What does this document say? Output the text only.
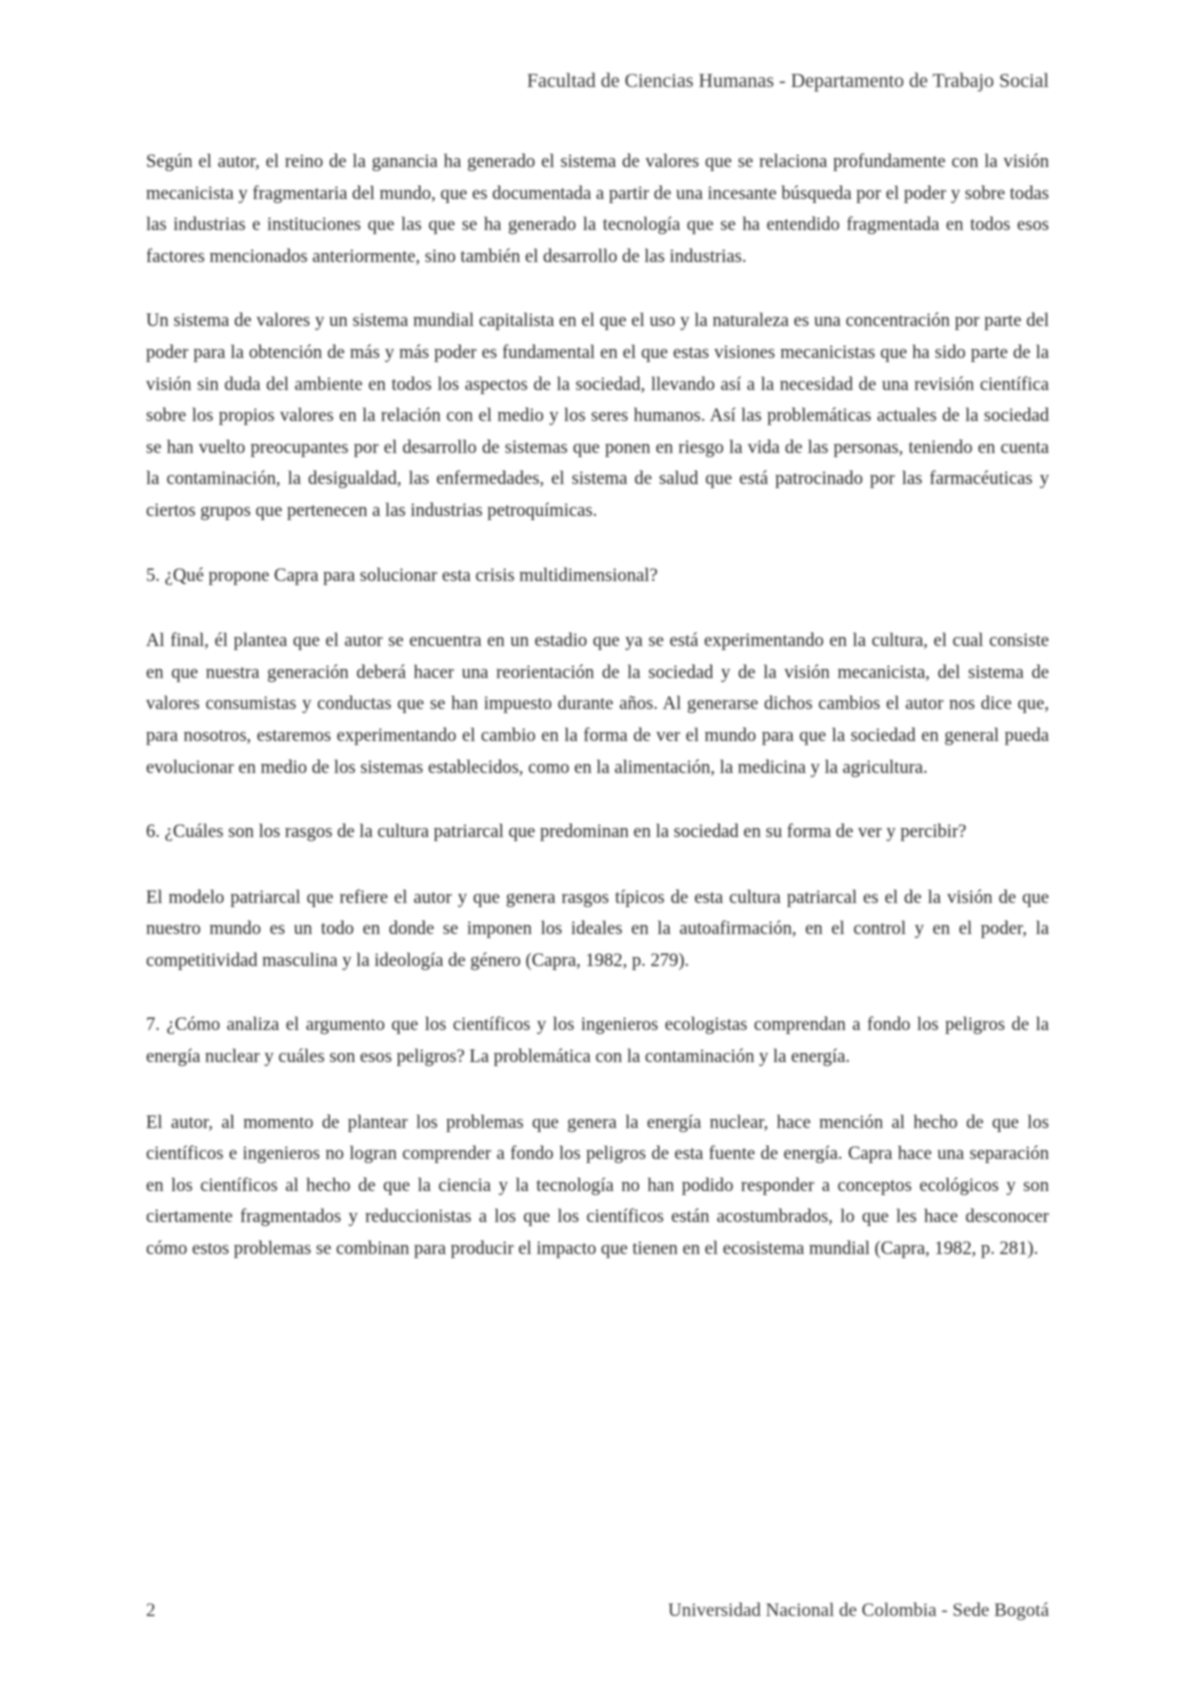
Facultad de Ciencias Humanas - Departamento de Trabajo Social

Según el autor, el reino de la ganancia ha generado el sistema de valores que se relaciona profundamente con la visión mecanicista y fragmentaria del mundo, que es documentada a partir de una incesante búsqueda por el poder y sobre todas las industrias e instituciones que las que se ha generado la tecnología que se ha entendido fragmentada en todos esos factores mencionados anteriormente, sino también el desarrollo de las industrias.

Un sistema de valores y un sistema mundial capitalista en el que el uso y la naturaleza es una concentración por parte del poder para la obtención de más y más poder es fundamental en el que estas visiones mecanicistas que ha sido parte de la visión sin duda del ambiente en todos los aspectos de la sociedad, llevando así a la necesidad de una revisión científica sobre los propios valores en la relación con el medio y los seres humanos. Así las problemáticas actuales de la sociedad se han vuelto preocupantes por el desarrollo de sistemas que ponen en riesgo la vida de las personas, teniendo en cuenta la contaminación, la desigualdad, las enfermedades, el sistema de salud que está patrocinado por las farmacéuticas y ciertos grupos que pertenecen a las industrias petroquímicas.

5. ¿Qué propone Capra para solucionar esta crisis multidimensional?

Al final, él plantea que el autor se encuentra en un estadio que ya se está experimentando en la cultura, el cual consiste en que nuestra generación deberá hacer una reorientación de la sociedad y de la visión mecanicista, del sistema de valores consumistas y conductas que se han impuesto durante años. Al generarse dichos cambios el autor nos dice que, para nosotros, estaremos experimentando el cambio en la forma de ver el mundo para que la sociedad en general pueda evolucionar en medio de los sistemas establecidos, como en la alimentación, la medicina y la agricultura.

6. ¿Cuáles son los rasgos de la cultura patriarcal que predominan en la sociedad en su forma de ver y percibir?

El modelo patriarcal que refiere el autor y que genera rasgos típicos de esta cultura patriarcal es el de la visión de que nuestro mundo es un todo en donde se imponen los ideales en la autoafirmación, en el control y en el poder, la competitividad masculina y la ideología de género (Capra, 1982, p. 279).

7. ¿Cómo analiza el argumento que los científicos y los ingenieros ecologistas comprendan a fondo los peligros de la energía nuclear y cuáles son esos peligros? La problemática con la contaminación y la energía.

El autor, al momento de plantear los problemas que genera la energía nuclear, hace mención al hecho de que los científicos e ingenieros no logran comprender a fondo los peligros de esta fuente de energía. Capra hace una separación en los científicos al hecho de que la ciencia y la tecnología no han podido responder a conceptos ecológicos y son ciertamente fragmentados y reduccionistas a los que los científicos están acostumbrados, lo que les hace desconocer cómo estos problemas se combinan para producir el impacto que tienen en el ecosistema mundial (Capra, 1982, p. 281).

2	Universidad Nacional de Colombia - Sede Bogotá
